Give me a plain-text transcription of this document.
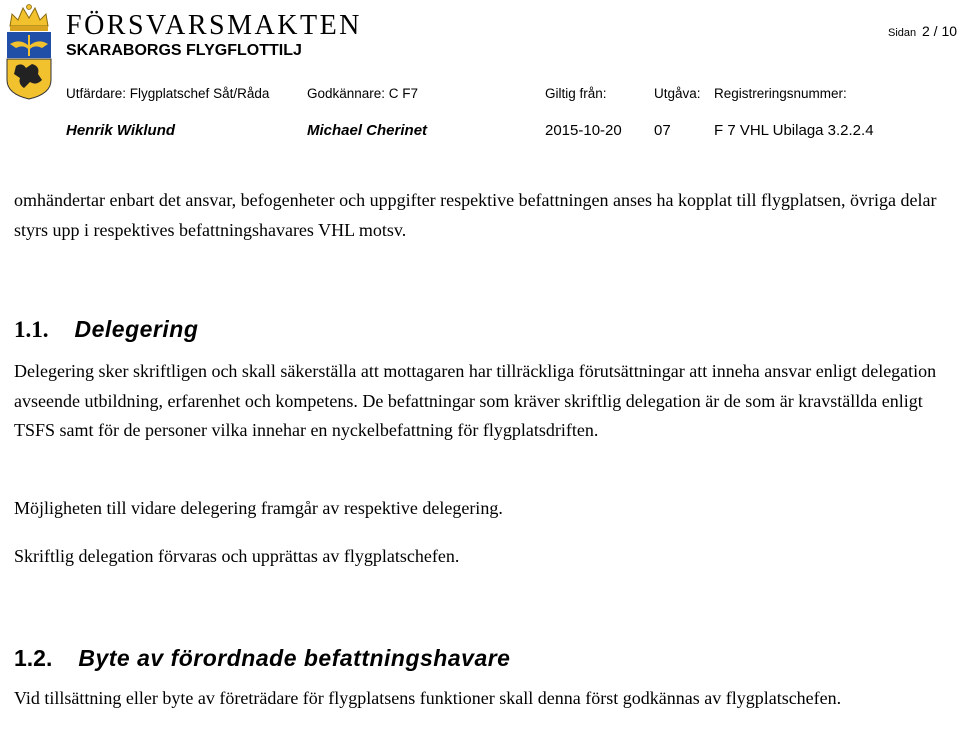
FÖRSVARSMAKTEN
SKARABORGS FLYGFLOTTILJ
Sidan 2 / 10
Utfärdare: Flygplatschef Såt/Råda	Godkännare: C F7	Giltig från:	Utgåva: Registreringsnummer:
Henrik Wiklund	Michael Cherinet	2015-10-20 07	F 7 VHL Ubilaga 3.2.2.4

omhändertar enbart det ansvar, befogenheter och uppgifter respektive befattningen anses ha kopplat till flygplatsen, övriga delar styrs upp i respektives befattningshavares VHL motsv.

1.1. Delegering

Delegering sker skriftligen och skall säkerställa att mottagaren har tillräckliga förutsättningar att inneha ansvar enligt delegation avseende utbildning, erfarenhet och kompetens. De befattningar som kräver skriftlig delegation är de som är kravställda enligt TSFS samt för de personer vilka innehar en nyckelbefattning för flygplatsdriften.

Möjligheten till vidare delegering framgår av respektive delegering.

Skriftlig delegation förvaras och upprättas av flygplatschefen.

1.2. Byte av förordnade befattningshavare

Vid tillsättning eller byte av företrädare för flygplatsens funktioner skall denna först godkännas av flygplatschefen.
